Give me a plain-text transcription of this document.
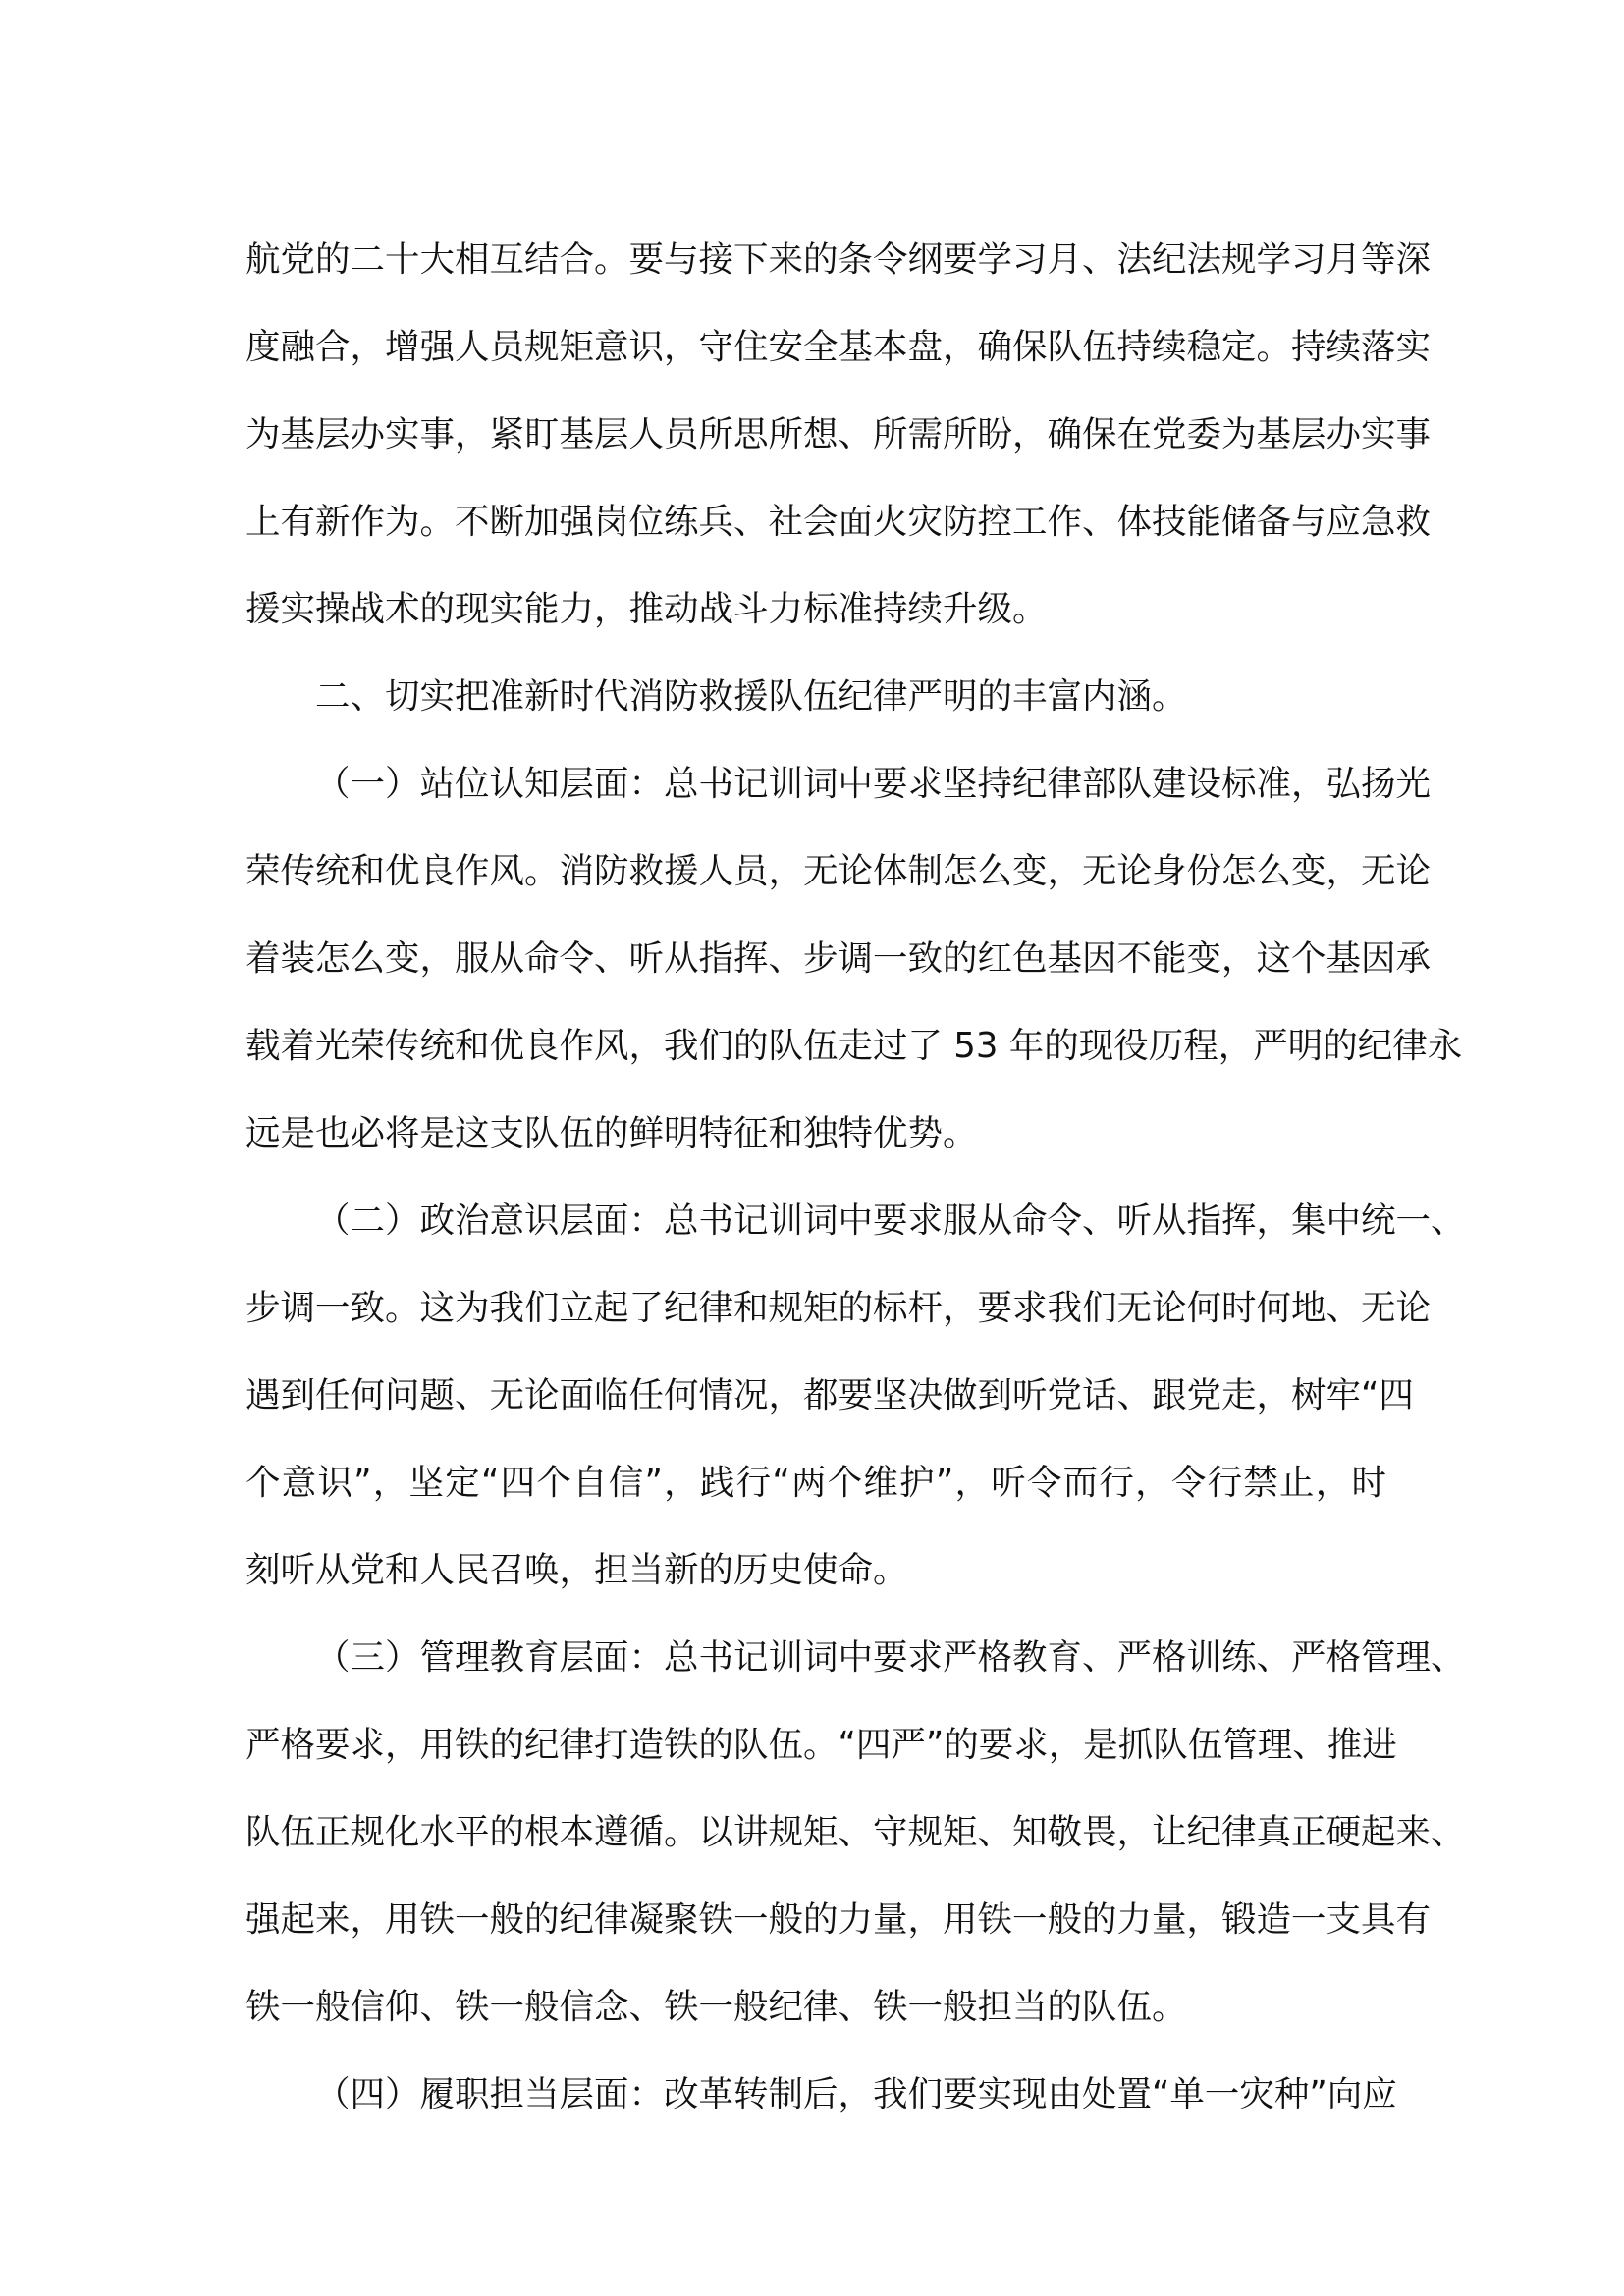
航党的二十大相互结合。要与接下来的条令纲要学习月、法纪法规学习月等深
度融合，增强人员规矩意识，守住安全基本盘，确保队伍持续稳定。持续落实
为基层办实事，紧盯基层人员所思所想、所需所盼，确保在党委为基层办实事
上有新作为。不断加强岗位练兵、社会面火灾防控工作、体技能储备与应急救
援实操战术的现实能力，推动战斗力标准持续升级。
二、切实把准新时代消防救援队伍纪律严明的丰富内涵。
（一）站位认知层面：总书记训词中要求坚持纪律部队建设标准，弘扬光
荣传统和优良作风。消防救援人员，无论体制怎么变，无论身份怎么变，无论
着装怎么变，服从命令、听从指挥、步调一致的红色基因不能变，这个基因承
载着光荣传统和优良作风，我们的队伍走过了 53 年的现役历程，严明的纪律永
远是也必将是这支队伍的鲜明特征和独特优势。
（二）政治意识层面：总书记训词中要求服从命令、听从指挥，集中统一、
步调一致。这为我们立起了纪律和规矩的标杆，要求我们无论何时何地、无论
遇到任何问题、无论面临任何情况，都要坚决做到听党话、跟党走，树牢“四
个意识”，坚定“四个自信”，践行“两个维护”，听令而行，令行禁止，时
刻听从党和人民召唤，担当新的历史使命。
（三）管理教育层面：总书记训词中要求严格教育、严格训练、严格管理、
严格要求，用铁的纪律打造铁的队伍。“四严”的要求，是抓队伍管理、推进
队伍正规化水平的根本遵循。以讲规矩、守规矩、知敬畏，让纪律真正硬起来、
强起来，用铁一般的纪律凝聚铁一般的力量，用铁一般的力量，锻造一支具有
铁一般信仰、铁一般信念、铁一般纪律、铁一般担当的队伍。
（四）履职担当层面：改革转制后，我们要实现由处置“单一灾种”向应
